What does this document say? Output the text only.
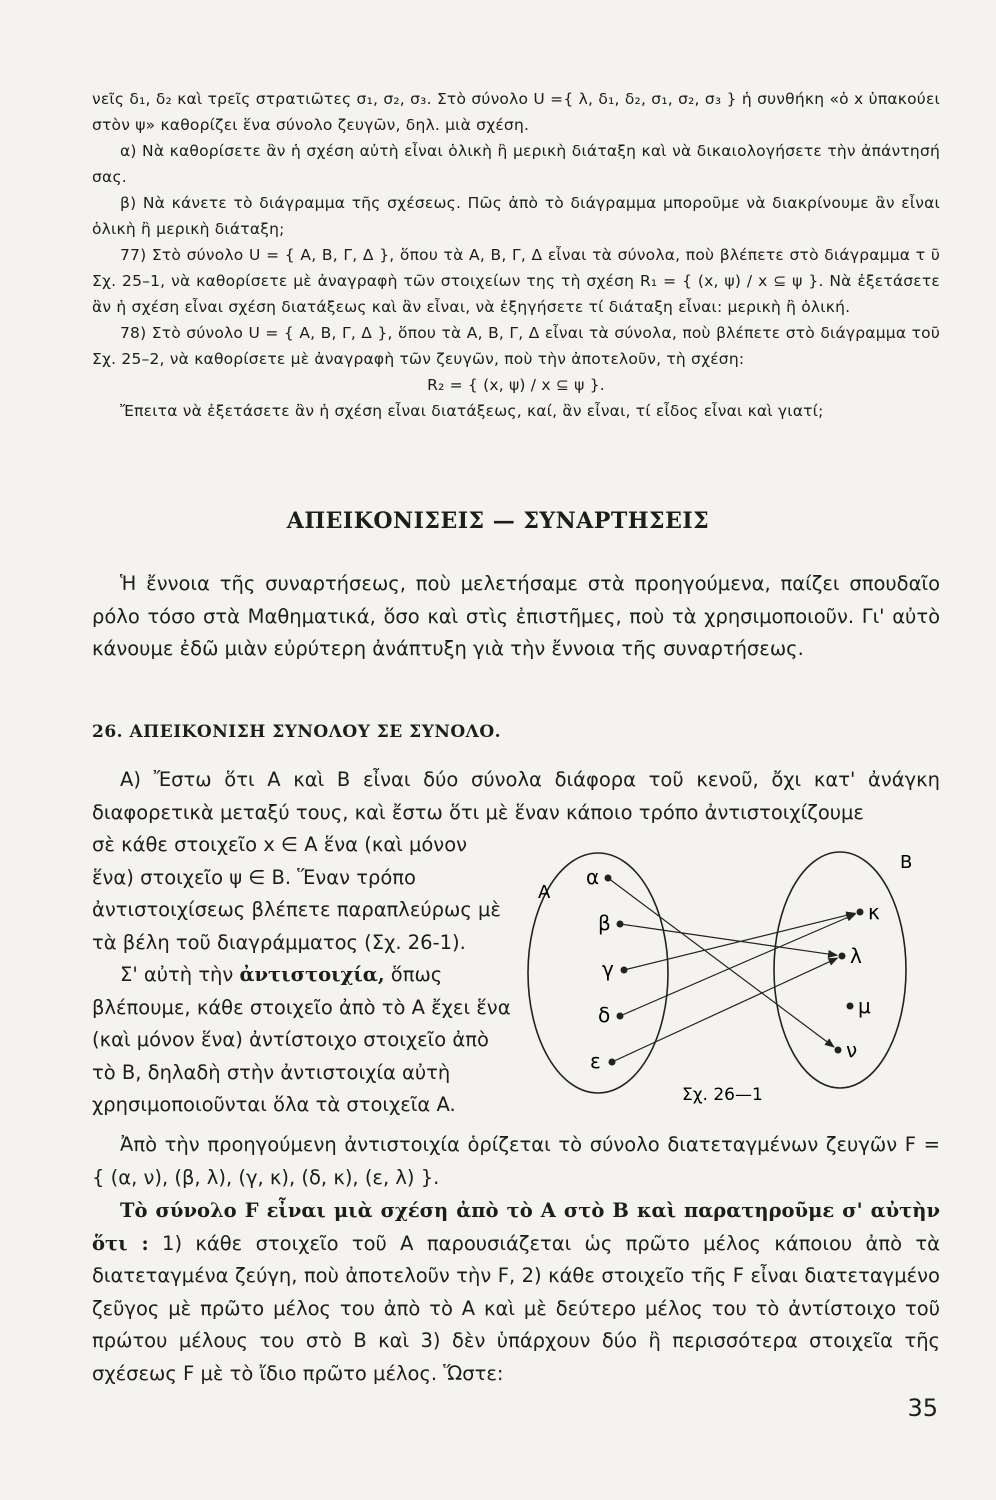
νεῖς δ₁, δ₂ καὶ τρεῖς στρατιῶτες σ₁, σ₂, σ₃. Στὸ σύνολο U ={ λ, δ₁, δ₂, σ₁, σ₂, σ₃ } ἡ συνθήκη «ὁ x ὑπακούει στὸν ψ» καθορίζει ἕνα σύνολο ζευγῶν, δηλ. μιὰ σχέση.

α) Νὰ καθορίσετε ἂν ἡ σχέση αὐτὴ εἶναι ὁλικὴ ἢ μερικὴ διάταξη καὶ νὰ δικαιολογήσετε τὴν ἀπάντησή σας.

β) Νὰ κάνετε τὸ διάγραμμα τῆς σχέσεως. Πῶς ἀπὸ τὸ διάγραμμα μποροῦμε νὰ διακρίνουμε ἂν εἶναι ὁλικὴ ἢ μερικὴ διάταξη;

77) Στὸ σύνολο U = { A, B, Γ, Δ }, ὅπου τὰ A, B, Γ, Δ εἶναι τὰ σύνολα, ποὺ βλέπετε στὸ διάγραμμα τ ῦ Σχ. 25–1, νὰ καθορίσετε μὲ ἀναγραφὴ τῶν στοιχείων της τὴ σχέση R₁ = { (x, ψ) / x ⊆ ψ }. Νὰ ἐξετάσετε ἂν ἡ σχέση εἶναι σχέση διατάξεως καὶ ἂν εἶναι, νὰ ἐξηγήσετε τί διάταξη εἶναι: μερικὴ ἢ ὁλική.

78) Στὸ σύνολο U = { A, B, Γ, Δ }, ὅπου τὰ A, B, Γ, Δ εἶναι τὰ σύνολα, ποὺ βλέπετε στὸ διάγραμμα τοῦ Σχ. 25–2, νὰ καθορίσετε μὲ ἀναγραφὴ τῶν ζευγῶν, ποὺ τὴν ἀποτελοῦν, τὴ σχέση:

R₂ = { (x, ψ) / x ⊆ ψ }.

Ἔπειτα νὰ ἐξετάσετε ἂν ἡ σχέση εἶναι διατάξεως, καί, ἂν εἶναι, τί εἶδος εἶναι καὶ γιατί;

ΑΠΕΙΚΟΝΙΣΕΙΣ — ΣΥΝΑΡΤΗΣΕΙΣ

Ἡ ἔννοια τῆς συναρτήσεως, ποὺ μελετήσαμε στὰ προηγούμενα, παίζει σπουδαῖο ρόλο τόσο στὰ Μαθηματικά, ὅσο καὶ στὶς ἐπιστῆμες, ποὺ τὰ χρησιμοποιοῦν. Γι' αὐτὸ κάνουμε ἐδῶ μιὰν εὐρύτερη ἀνάπτυξη γιὰ τὴν ἔννοια τῆς συναρτήσεως.

26. ΑΠΕΙΚΟΝΙΣΗ ΣΥΝΟΛΟΥ ΣΕ ΣΥΝΟΛΟ.

A) Ἔστω ὅτι A καὶ B εἶναι δύο σύνολα διάφορα τοῦ κενοῦ, ὄχι κατ' ἀνάγκη διαφορετικὰ μεταξύ τους, καὶ ἔστω ὅτι μὲ ἕναν κάποιο τρόπο ἀντιστοιχίζουμε

σὲ κάθε στοιχεῖο x ∈ A ἕνα (καὶ μόνον ἕνα) στοιχεῖο ψ ∈ B. Ἕναν τρόπο ἀντιστοιχίσεως βλέπετε παραπλεύρως μὲ τὰ βέλη τοῦ διαγράμματος (Σχ. 26-1).

Σ' αὐτὴ τὴν ἀντιστοιχία, ὅπως βλέπουμε, κάθε στοιχεῖο ἀπὸ τὸ A ἔχει ἕνα (καὶ μόνον ἕνα) ἀντίστοιχο στοιχεῖο ἀπὸ τὸ B, δηλαδὴ στὴν ἀντιστοιχία αὐτὴ χρησιμοποιοῦνται ὅλα τὰ στοιχεῖα A.

A
B
α
β
γ
δ
ε
κ
λ
μ
ν
Σχ. 26—1

Ἀπὸ τὴν προηγούμενη ἀντιστοιχία ὁρίζεται τὸ σύνολο διατεταγμένων ζευγῶν F = { (α, ν), (β, λ), (γ, κ), (δ, κ), (ε, λ) }.

Τὸ σύνολο F εἶναι μιὰ σχέση ἀπὸ τὸ A στὸ B καὶ παρατηροῦμε σ' αὐτὴν ὅτι : 1) κάθε στοιχεῖο τοῦ A παρουσιάζεται ὡς πρῶτο μέλος κάποιου ἀπὸ τὰ διατεταγμένα ζεύγη, ποὺ ἀποτελοῦν τὴν F, 2) κάθε στοιχεῖο τῆς F εἶναι διατεταγμένο ζεῦγος μὲ πρῶτο μέλος του ἀπὸ τὸ A καὶ μὲ δεύτερο μέλος του τὸ ἀντίστοιχο τοῦ πρώτου μέλους του στὸ B καὶ 3) δὲν ὑπάρχουν δύο ἢ περισσότερα στοιχεῖα τῆς σχέσεως F μὲ τὸ ἴδιο πρῶτο μέλος. Ὥστε:

35
